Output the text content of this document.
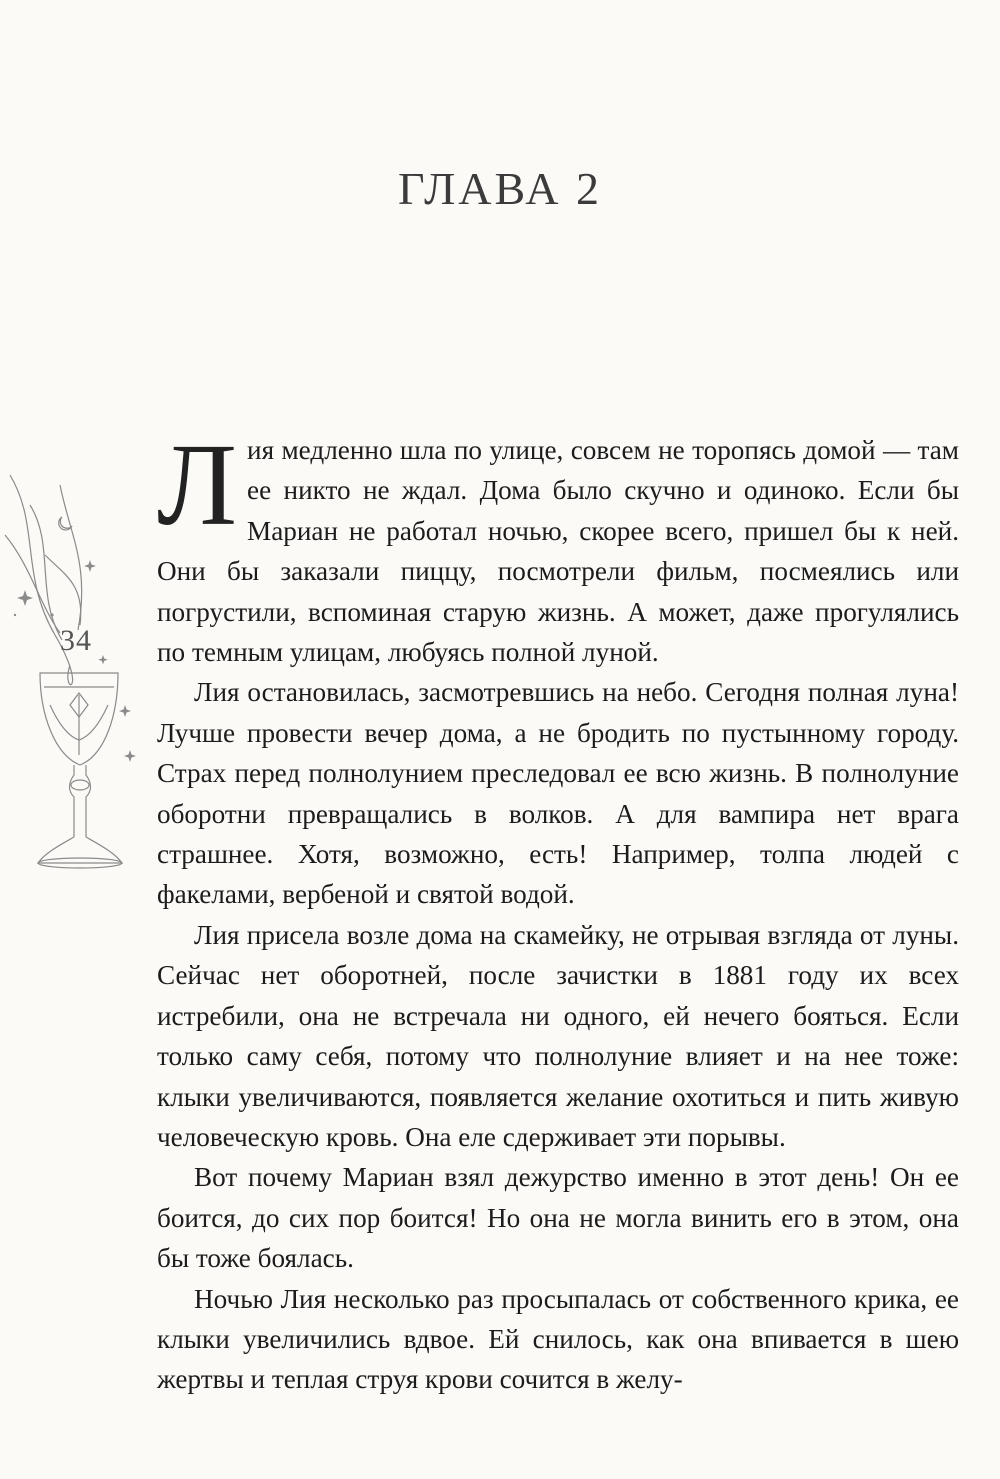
ГЛАВА 2
34

Лия медленно шла по улице, совсем не торопясь домой — там ее никто не ждал. Дома было скучно и одиноко. Если бы Мариан не работал ночью, скорее всего, пришел бы к ней. Они бы заказали пиццу, посмотрели фильм, посмеялись или погрустили, вспоминая старую жизнь. А может, даже прогулялись по темным улицам, любуясь полной луной.

Лия остановилась, засмотревшись на небо. Сегодня полная луна! Лучше провести вечер дома, а не бродить по пустынному городу. Страх перед полнолунием преследовал ее всю жизнь. В полнолуние оборотни превращались в волков. А для вампира нет врага страшнее. Хотя, возможно, есть! Например, толпа людей с факелами, вербеной и святой водой.

Лия присела возле дома на скамейку, не отрывая взгляда от луны. Сейчас нет оборотней, после зачистки в 1881 году их всех истребили, она не встречала ни одного, ей нечего бояться. Если только саму себя, потому что полнолуние влияет и на нее тоже: клыки увеличиваются, появляется желание охотиться и пить живую человеческую кровь. Она еле сдерживает эти порывы.

Вот почему Мариан взял дежурство именно в этот день! Он ее боится, до сих пор боится! Но она не могла винить его в этом, она бы тоже боялась.

Ночью Лия несколько раз просыпалась от собственного крика, ее клыки увеличились вдвое. Ей снилось, как она впивается в шею жертвы и теплая струя крови сочится в желу-
